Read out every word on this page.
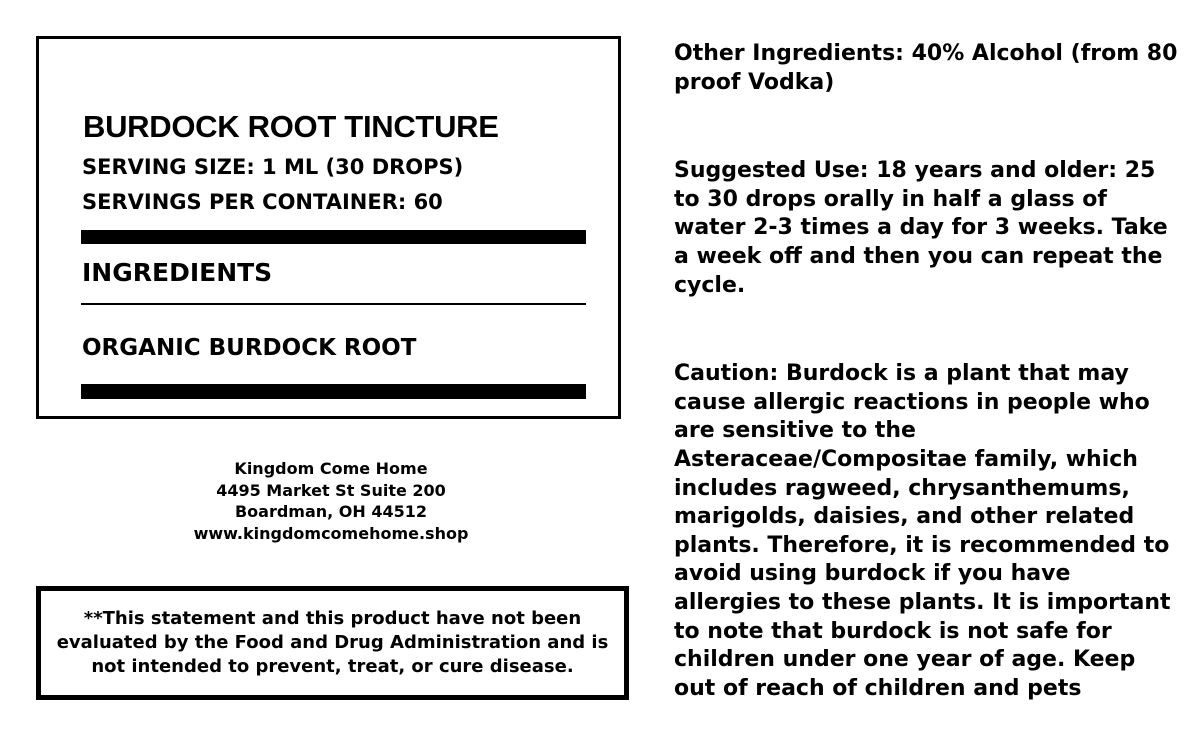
BURDOCK ROOT TINCTURE
SERVING SIZE: 1 ML (30 DROPS)
SERVINGS PER CONTAINER: 60
INGREDIENTS
ORGANIC BURDOCK ROOT
Kingdom Come Home
4495 Market St Suite 200
Boardman, OH 44512
www.kingdomcomehome.shop

**This statement and this product have not been evaluated by the Food and Drug Administration and is not intended to prevent, treat, or cure disease.

Other Ingredients: 40% Alcohol (from 80 proof Vodka)

Suggested Use: 18 years and older: 25 to 30 drops orally in half a glass of water 2-3 times a day for 3 weeks. Take a week off and then you can repeat the cycle.

Caution: Burdock is a plant that may cause allergic reactions in people who are sensitive to the Asteraceae/Compositae family, which includes ragweed, chrysanthemums, marigolds, daisies, and other related plants. Therefore, it is recommended to avoid using burdock if you have allergies to these plants. It is important to note that burdock is not safe for children under one year of age. Keep out of reach of children and pets
